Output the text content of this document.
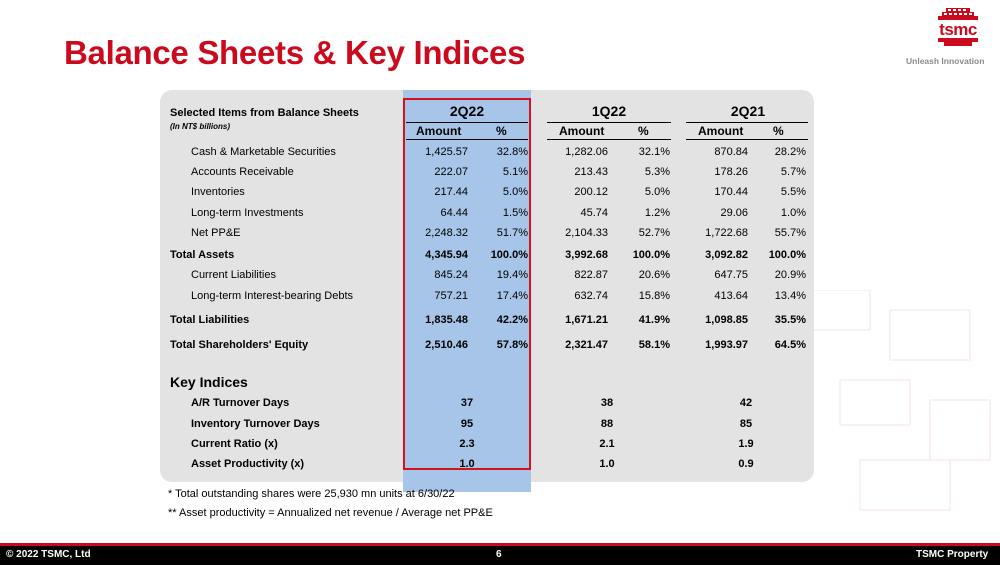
Balance Sheets & Key Indices
tsmc
Unleash Innovation
Selected Items from Balance Sheets
(In NT$ billions)
2Q22
Amount	%
1Q22
Amount	%
2Q21
Amount %
Cash & Marketable Securities	1,425.57	32.8%	1,282.06	32.1%	870.84	28.2%
Accounts Receivable	222.07	5.1%	213.43	5.3%	178.26	5.7%
Inventories	217.44	5.0%	200.12	5.0%	170.44	5.5%
Long-term Investments	64.44	1.5%	45.74	1.2%	29.06	1.0%
Net PP&E	2,248.32	51.7%	2,104.33	52.7%	1,722.68	55.7%
Total Assets	4,345.94	100.0%	3,992.68	100.0%	3,092.82	100.0%
Current Liabilities	845.24	19.4%	822.87	20.6%	647.75	20.9%
Long-term Interest-bearing Debts	757.21	17.4%	632.74	15.8%	413.64	13.4%
Total Liabilities	1,835.48	42.2%	1,671.21	41.9%	1,098.85	35.5%
Total Shareholders' Equity	2,510.46	57.8%	2,321.47	58.1%	1,993.97	64.5%
Key Indices
A/R Turnover Days	37	38	42
Inventory Turnover Days	95	88	85
Current Ratio (x)	2.3	2.1	1.9
Asset Productivity (x)	1.0	1.0	0.9
* Total outstanding shares were 25,930 mn units at 6/30/22
** Asset productivity = Annualized net revenue / Average net PP&E
© 2022 TSMC, Ltd	6	TSMC Property
